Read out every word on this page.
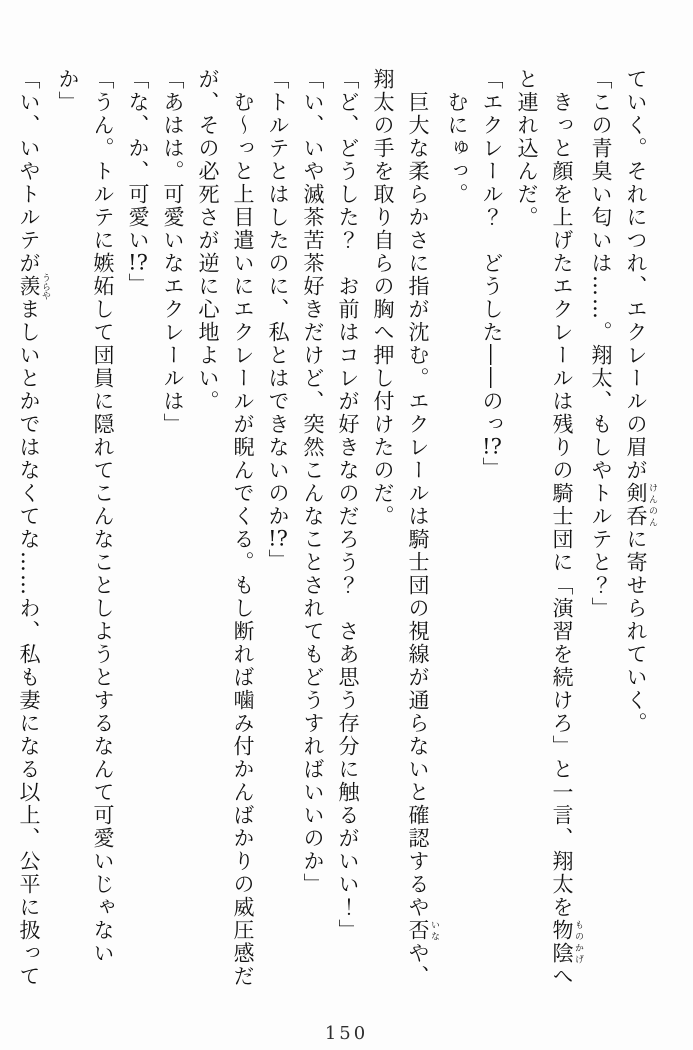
ていく。それにつれ、エクレールの眉が剣呑 けんのんに寄せられていく。

「この青臭い匂いは……。翔太、もしやトルテと？」

きっと顔を上げたエクレールは残りの騎士団に「演習を続けろ」と一言、翔太を物陰 ものかげへと連れ込んだ。

「エクレール？　どうした――のっ!?」

むにゅっ。

巨大な柔らかさに指が沈む。エクレールは騎士団の視線が通らないと確認するや否 いなや、翔太の手を取り自らの胸へ押し付けたのだ。

「ど、どうした？　お前はコレが好きなのだろう？　さあ思う存分に触るがいい！」

「い、いや滅茶苦茶好きだけど、突然こんなことされてもどうすればいいのか」

「トルテとはしたのに、私とはできないのか!?」

む〜っと上目遣いにエクレールが睨んでくる。もし断れば噛み付かんばかりの威圧感だが、その必死さが逆に心地よい。

「あはは。可愛いなエクレールは」

「な、か、可愛い!?」

「うん。トルテに嫉妬して団員に隠れてこんなことしようとするなんて可愛いじゃないか」

「い、いやトルテが羨 うらやましいとかではなくてな……わ、私も妻になる以上、公平に扱って

150
